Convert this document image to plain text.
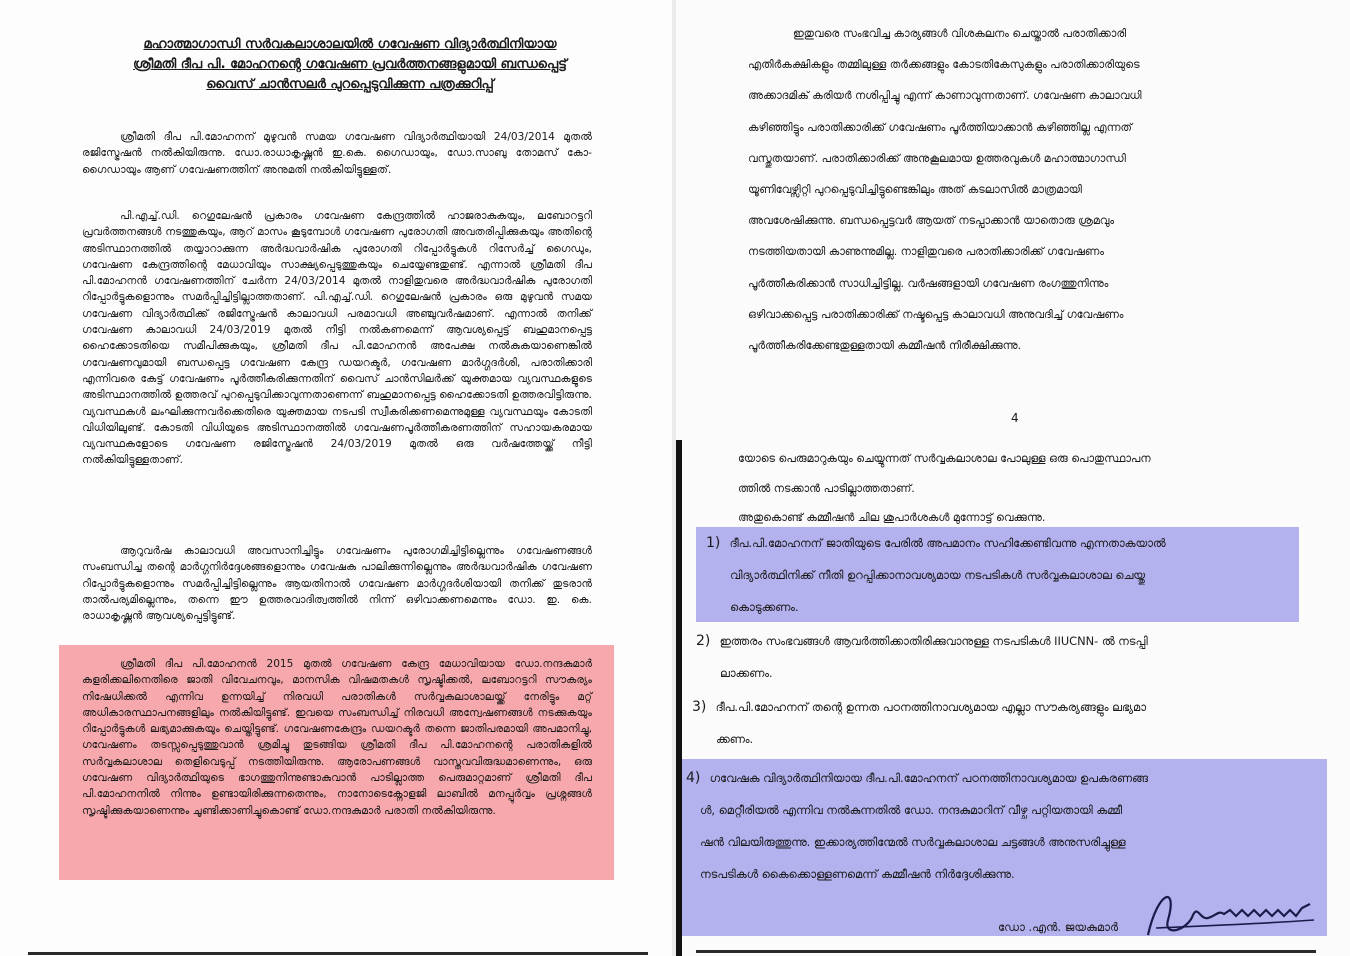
മഹാത്മാഗാന്ധി സർവകലാശാലയിൽ ഗവേഷണ വിദ്യാർത്ഥിനിയായ
ശ്രീമതി ദീപ പി. മോഹനന്റെ ഗവേഷണ പ്രവർത്തനങ്ങളുമായി ബന്ധപ്പെട്ട്
വൈസ് ചാൻസലർ പുറപ്പെടുവിക്കുന്ന പത്രക്കുറിപ്പ്

ശ്രീമതി ദീപ പി.മോഹനന് മുഴുവൻ സമയ ഗവേഷണ വിദ്യാർത്ഥിയായി 24/03/2014 മുതൽ രജിസ്ട്രേഷൻ നൽകിയിരുന്നു. ഡോ.രാധാകൃഷ്ണൻ ഇ.കെ. ഗൈഡായും, ഡോ.സാബു തോമസ് കോ-ഗൈഡായും ആണ് ഗവേഷണത്തിന് അനുമതി നൽകിയിട്ടുള്ളത്.

പി.എച്ച്.ഡി. റെഗുലേഷൻ പ്രകാരം ഗവേഷണ കേന്ദ്രത്തിൽ ഹാജരാകുകയും, ലബോറട്ടറി പ്രവർത്തനങ്ങൾ നടത്തുകയും, ആറ് മാസം കൂടുമ്പോൾ ഗവേഷണ പുരോഗതി അവതരിപ്പിക്കുകയും അതിന്റെ അടിസ്ഥാനത്തിൽ തയ്യാറാക്കുന്ന അർദ്ധവാർഷിക പുരോഗതി റിപ്പോർട്ടുകൾ റിസേർച്ച് ഗൈഡും, ഗവേഷണ കേന്ദ്രത്തിന്റെ മേധാവിയും സാക്ഷ്യപ്പെടുത്തുകയും ചെയ്യേണ്ടതുണ്ട്. എന്നാൽ ശ്രീമതി ദീപ പി.മോഹനൻ ഗവേഷണത്തിന് ചേർന്ന 24/03/2014 മുതൽ നാളിതുവരെ അർദ്ധവാർഷിക പുരോഗതി റിപ്പോർട്ടുകളൊന്നും സമർപ്പിച്ചിട്ടില്ലാത്തതാണ്. പി.എച്ച്.ഡി. റെഗുലേഷൻ പ്രകാരം ഒരു മുഴുവൻ സമയ ഗവേഷണ വിദ്യാർത്ഥിക്ക് രജിസ്ട്രേഷൻ കാലാവധി പരമാവധി അഞ്ചുവർഷമാണ്. എന്നാൽ തനിക്ക് ഗവേഷണ കാലാവധി 24/03/2019 മുതൽ നീട്ടി നൽകണമെന്ന് ആവശ്യപ്പെട്ട് ബഹുമാനപ്പെട്ട ഹൈക്കോടതിയെ സമീപിക്കുകയും, ശ്രീമതി ദീപ പി.മോഹനൻ അപേക്ഷ നൽകുകയാണെങ്കിൽ ഗവേഷണവുമായി ബന്ധപ്പെട്ട ഗവേഷണ കേന്ദ്ര ഡയറക്ടർ, ഗവേഷണ മാർഗ്ഗദർശി, പരാതിക്കാരി എന്നിവരെ കേട്ട് ഗവേഷണം പൂർത്തീകരിക്കുന്നതിന് വൈസ് ചാൻസിലർക്ക് യുക്തമായ വ്യവസ്ഥകളുടെ അടിസ്ഥാനത്തിൽ ഉത്തരവ് പുറപ്പെടുവിക്കാവുന്നതാണെന്ന് ബഹുമാനപ്പെട്ട ഹൈക്കോടതി ഉത്തരവിട്ടിരുന്നു. വ്യവസ്ഥകൾ ലംഘിക്കുന്നവർക്കെതിരെ യുക്തമായ നടപടി സ്വീകരിക്കണമെന്നുമുള്ള വ്യവസ്ഥയും കോടതി വിധിയിലുണ്ട്. കോടതി വിധിയുടെ അടിസ്ഥാനത്തിൽ ഗവേഷണപൂർത്തീകരണത്തിന് സഹായകരമായ വ്യവസ്ഥകളോടെ ഗവേഷണ രജിസ്ട്രേഷൻ 24/03/2019 മുതൽ ഒരു വർഷത്തേയ്ക്ക് നീട്ടി നൽകിയിട്ടുള്ളതാണ്.

ആറുവർഷ കാലാവധി അവസാനിച്ചിട്ടും ഗവേഷണം പുരോഗമിച്ചിട്ടില്ലെന്നും ഗവേഷണങ്ങൾ സംബന്ധിച്ച തന്റെ മാർഗ്ഗനിർദ്ദേശങ്ങളൊന്നും ഗവേഷക പാലിക്കുന്നില്ലെന്നും അർദ്ധവാർഷിക ഗവേഷണ റിപ്പോർട്ടുകളൊന്നും സമർപ്പിച്ചിട്ടില്ലെന്നും ആയതിനാൽ ഗവേഷണ മാർഗ്ഗദർശിയായി തനിക്ക് തുടരാൻ താൽപര്യമില്ലെന്നും, തന്നെ ഈ ഉത്തരവാദിത്വത്തിൽ നിന്ന് ഒഴിവാക്കണമെന്നും ഡോ. ഇ. കെ. രാധാകൃഷ്ണൻ ആവശ്യപ്പെട്ടിട്ടുണ്ട്.

ശ്രീമതി ദീപ പി.മോഹനൻ 2015 മുതൽ ഗവേഷണ കേന്ദ്ര മേധാവിയായ ഡോ.നന്ദകുമാർ കളരിക്കലിനെതിരെ ജാതി വിവേചനവും, മാനസിക വിഷമതകൾ സൃഷ്ടിക്കൽ, ലബോറട്ടറി സൗകര്യം നിഷേധിക്കൽ എന്നിവ ഉന്നയിച്ച് നിരവധി പരാതികൾ സർവ്വകലാശാലയ്ക്ക് നേരിട്ടും മറ്റ് അധികാരസ്ഥാപനങ്ങളിലും നൽകിയിട്ടുണ്ട്. ഇവയെ സംബന്ധിച്ച് നിരവധി അന്വേഷണങ്ങൾ നടക്കുകയും റിപ്പോർട്ടുകൾ ലഭ്യമാക്കുകയും ചെയ്തിട്ടുണ്ട്. ഗവേഷണകേന്ദ്രം ഡയറക്ടർ തന്നെ ജാതിപരമായി അപമാനിച്ചു, ഗവേഷണം തടസ്സപ്പെടുത്തുവാൻ ശ്രമിച്ചു തുടങ്ങിയ ശ്രീമതി ദീപ പി.മോഹനന്റെ പരാതികളിൽ സർവ്വകലാശാല തെളിവെടുപ്പ് നടത്തിയിരുന്നു. ആരോപണങ്ങൾ വാസ്തവവിരുദ്ധമാണെന്നും, ഒരു ഗവേഷണ വിദ്യാർത്ഥിയുടെ ഭാഗത്തുനിന്നുണ്ടാകുവാൻ പാടില്ലാത്ത പെരുമാറ്റമാണ് ശ്രീമതി ദീപ പി.മോഹനനിൽ നിന്നും ഉണ്ടായിരിക്കുന്നതെന്നും, നാനോടെക്നോളജി ലാബിൽ മനപ്പൂർവ്വം പ്രശ്നങ്ങൾ സൃഷ്ടിക്കുകയാണെന്നും ചൂണ്ടിക്കാണിച്ചുകൊണ്ട് ഡോ.നന്ദകുമാർ പരാതി നൽകിയിരുന്നു.

ഇതുവരെ സംഭവിച്ച കാര്യങ്ങൾ വിശകലനം ചെയ്താൽ പരാതിക്കാരി
എതിർകക്ഷികളും തമ്മിലുള്ള തർക്കങ്ങളും കോടതികേസുകളും പരാതിക്കാരിയുടെ
അക്കാദമിക് കരിയർ നശിപ്പിച്ചു എന്ന് കാണാവുന്നതാണ്. ഗവേഷണ കാലാവധി
കഴിഞ്ഞിട്ടും പരാതിക്കാരിക്ക് ഗവേഷണം പൂർത്തിയാക്കാൻ കഴിഞ്ഞില്ല എന്നത്
വസ്തുതയാണ്. പരാതിക്കാരിക്ക് അനുകൂലമായ ഉത്തരവുകൾ മഹാത്മാഗാന്ധി
യൂണിവേഴ്സിറ്റി പുറപ്പെടുവിച്ചിട്ടുണ്ടെങ്കിലും അത് കടലാസിൽ മാത്രമായി
അവശേഷിക്കുന്നു. ബന്ധപ്പെട്ടവർ ആയത് നടപ്പാക്കാൻ യാതൊരു ശ്രമവും
നടത്തിയതായി കാണുന്നുമില്ല. നാളിതുവരെ പരാതിക്കാരിക്ക് ഗവേഷണം
പൂർത്തീകരിക്കാൻ സാധിച്ചിട്ടില്ല. വർഷങ്ങളായി ഗവേഷണ രംഗത്തുനിന്നും
ഒഴിവാക്കപ്പെട്ട പരാതിക്കാരിക്ക് നഷ്ടപ്പെട്ട കാലാവധി അനുവദിച്ച് ഗവേഷണം
പൂർത്തീകരിക്കേണ്ടതുള്ളതായി കമ്മീഷൻ നിരീക്ഷിക്കുന്നു.
4
യോടെ പെരുമാറുകയും ചെയ്യുന്നത് സർവ്വകലാശാല പോലുള്ള ഒരു പൊതുസ്ഥാപന
ത്തിൽ നടക്കാൻ പാടില്ലാത്തതാണ്.
അതുകൊണ്ട് കമ്മീഷൻ ചില ശുപാർശകൾ മുന്നോട്ട് വെക്കുന്നു.
1) ദീപ.പി.മോഹനന് ജാതിയുടെ പേരിൽ അപമാനം സഹിക്കേണ്ടിവന്നു എന്നതാകയാൽ
വിദ്യാർത്ഥിനിക്ക് നീതി ഉറപ്പിക്കാനാവശ്യമായ നടപടികൾ സർവ്വകലാശാല ചെയ്തു
കൊടുക്കണം.
2) ഇത്തരം സംഭവങ്ങൾ ആവർത്തിക്കാതിരിക്കുവാനുള്ള നടപടികൾ IIUCNN- ൽ നടപ്പി
ലാക്കണം.
3) ദീപ.പി.മോഹനന് തന്റെ ഉന്നത പഠനത്തിനാവശ്യമായ എല്ലാ സൗകര്യങ്ങളും ലഭ്യമാ
ക്കണം.
4) ഗവേഷക വിദ്യാർത്ഥിനിയായ ദീപ.പി.മോഹനന് പഠനത്തിനാവശ്യമായ ഉപകരണങ്ങ
ൾ, മെറ്റീരിയൽ എന്നിവ നൽകുന്നതിൽ ഡോ. നന്ദകുമാറിന് വീഴ്ച പറ്റിയതായി കമ്മീ
ഷൻ വിലയിരുത്തുന്നു. ഇക്കാര്യത്തിന്മേൽ സർവ്വകലാശാല ചട്ടങ്ങൾ അനുസരിച്ചുള്ള
നടപടികൾ കൈക്കൊള്ളണമെന്ന് കമ്മീഷൻ നിർദ്ദേശിക്കുന്നു.
ഡോ .എൻ. ജയകുമാർ
